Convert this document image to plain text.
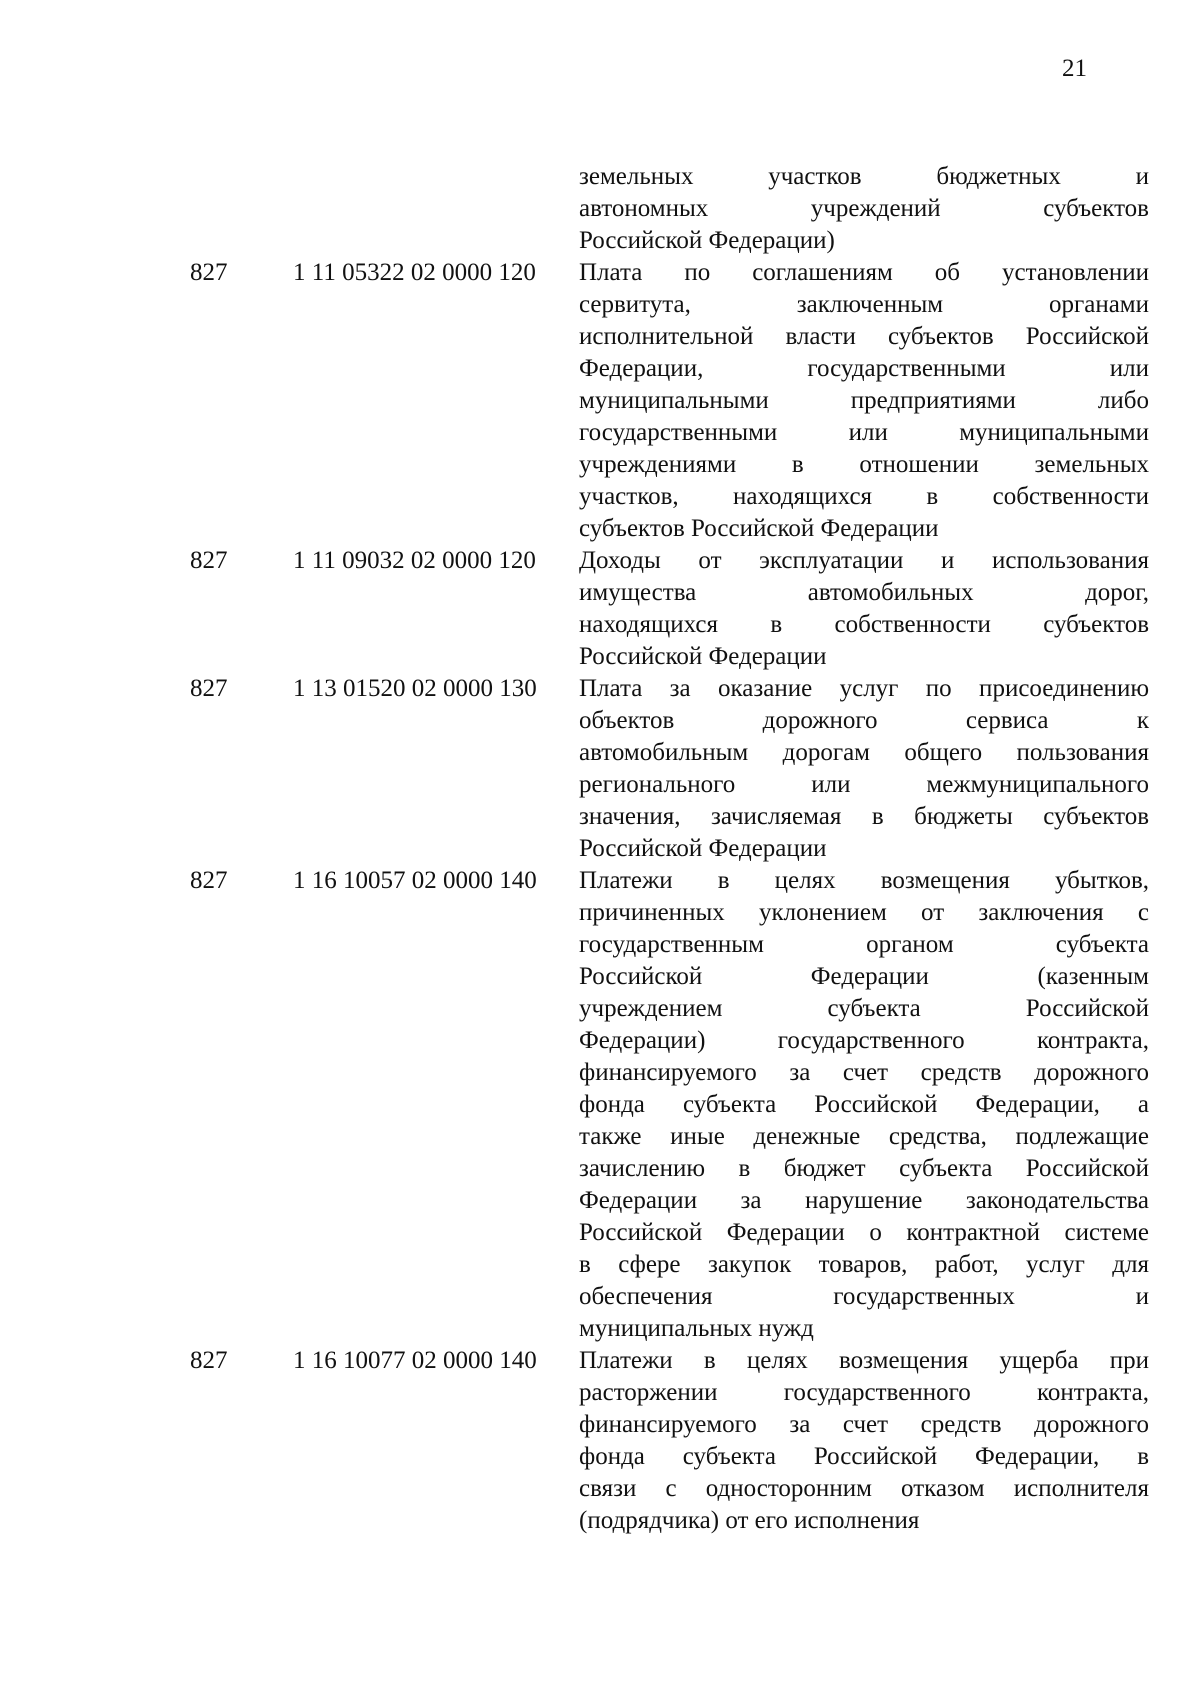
21
земельных участков бюджетных и
автономных учреждений субъектов
Российской Федерации)
827	1 11 05322 02 0000 120	Плата по соглашениям об установлении
сервитута, заключенным органами
исполнительной власти субъектов Российской
Федерации, государственными или
муниципальными предприятиями либо
государственными или муниципальными
учреждениями в отношении земельных
участков, находящихся в собственности
субъектов Российской Федерации
827	1 11 09032 02 0000 120	Доходы от эксплуатации и использования
имущества автомобильных дорог,
находящихся в собственности субъектов
Российской Федерации
827	1 13 01520 02 0000 130	Плата за оказание услуг по присоединению
объектов дорожного сервиса к
автомобильным дорогам общего пользования
регионального или межмуниципального
значения, зачисляемая в бюджеты субъектов
Российской Федерации
827	1 16 10057 02 0000 140	Платежи в целях возмещения убытков,
причиненных уклонением от заключения с
государственным органом субъекта
Российской Федерации (казенным
учреждением субъекта Российской
Федерации) государственного контракта,
финансируемого за счет средств дорожного
фонда субъекта Российской Федерации, а
также иные денежные средства, подлежащие
зачислению в бюджет субъекта Российской
Федерации за нарушение законодательства
Российской Федерации о контрактной системе
в сфере закупок товаров, работ, услуг для
обеспечения государственных и
муниципальных нужд
827	1 16 10077 02 0000 140	Платежи в целях возмещения ущерба при
расторжении государственного контракта,
финансируемого за счет средств дорожного
фонда субъекта Российской Федерации, в
связи с односторонним отказом исполнителя
(подрядчика) от его исполнения
